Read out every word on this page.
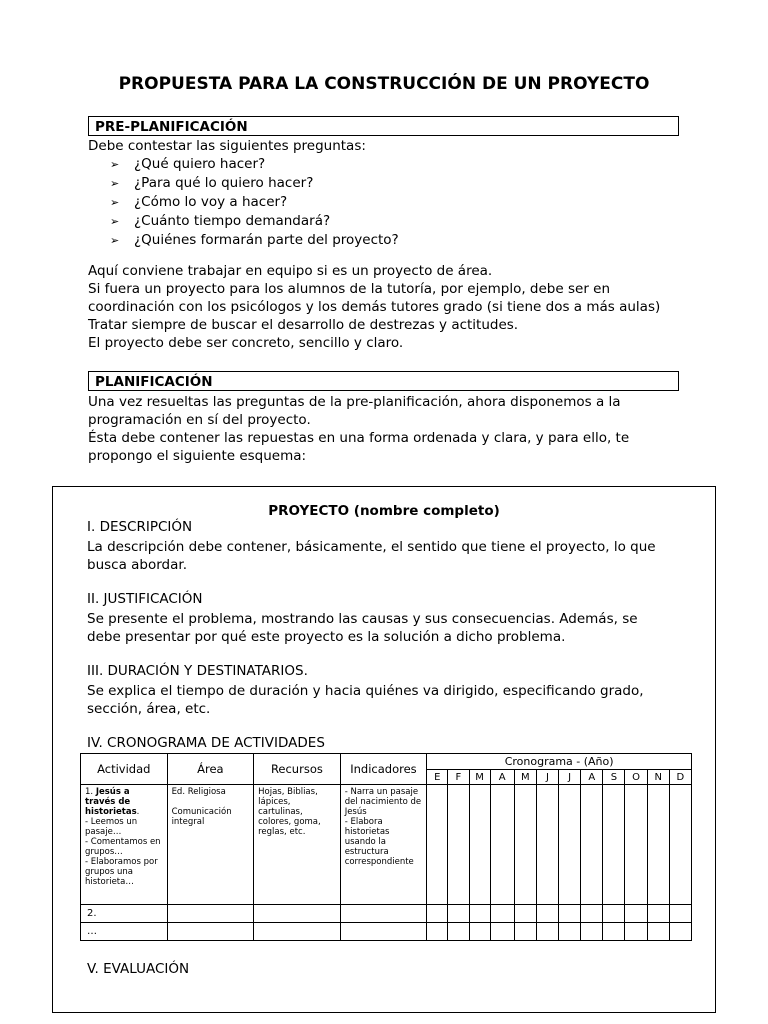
PROPUESTA PARA LA CONSTRUCCIÓN DE UN PROYECTO
PRE-PLANIFICACIÓN
Debe contestar las siguientes preguntas:
➢ ¿Qué quiero hacer?
➢ ¿Para qué lo quiero hacer?
➢ ¿Cómo lo voy a hacer?
➢ ¿Cuánto tiempo demandará?
➢ ¿Quiénes formarán parte del proyecto?
Aquí conviene trabajar en equipo si es un proyecto de área.
Si fuera un proyecto para los alumnos de la tutoría, por ejemplo, debe ser en
coordinación con los psicólogos y los demás tutores grado (si tiene dos a más aulas)
Tratar siempre de buscar el desarrollo de destrezas y actitudes.
El proyecto debe ser concreto, sencillo y claro.
PLANIFICACIÓN
Una vez resueltas las preguntas de la pre-planificación, ahora disponemos a la
programación en sí del proyecto.
Ésta debe contener las repuestas en una forma ordenada y clara, y para ello, te
propongo el siguiente esquema:
PROYECTO (nombre completo)
I. DESCRIPCIÓN
La descripción debe contener, básicamente, el sentido que tiene el proyecto, lo que
busca abordar.
II. JUSTIFICACIÓN
Se presente el problema, mostrando las causas y sus consecuencias. Además, se
debe presentar por qué este proyecto es la solución a dicho problema.
III. DURACIÓN Y DESTINATARIOS.
Se explica el tiempo de duración y hacia quiénes va dirigido, especificando grado,
sección, área, etc.
IV. CRONOGRAMA DE ACTIVIDADES
V. EVALUACIÓN
Actividad	Área	Recursos	Indicadores	Cronograma - (Año)											
				E	F	M	A	M	J	J	A	S	O	N	D
1. Jesús a través de historietas.
- Leemos un pasaje…
- Comentamos en grupos…
- Elaboramos por grupos una historieta…	Ed. Religiosa

Comunicación integral	Hojas, Biblias, lápices, cartulinas, colores, goma, reglas, etc.	- Narra un pasaje del nacimiento de Jesús
- Elabora historietas usando la estructura correspondiente												
2.															
…															
